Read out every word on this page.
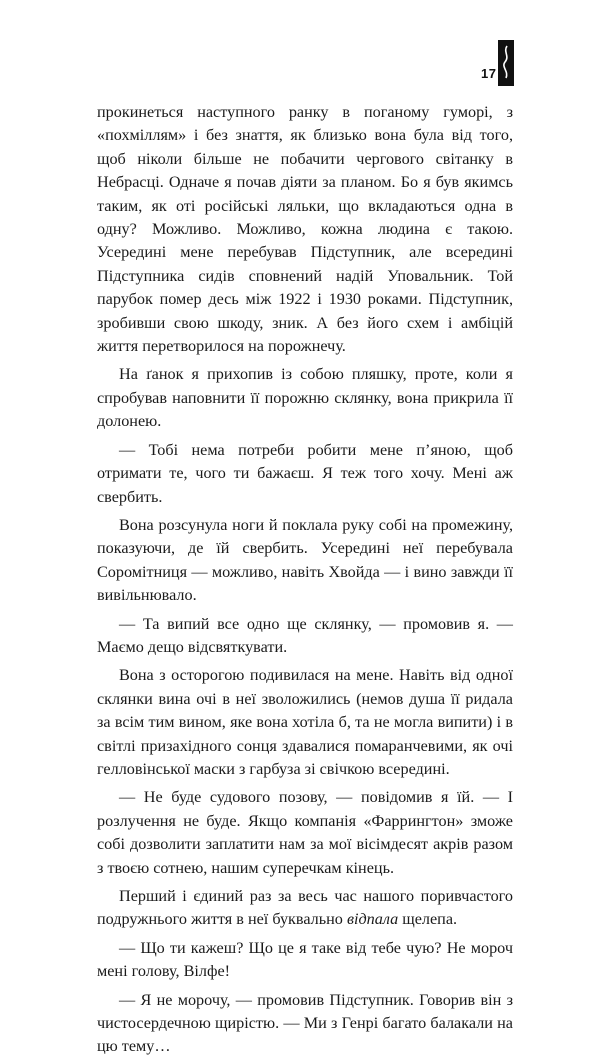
17

прокинеться наступного ранку в поганому гуморі, з «похміллям» і без знаття, як близько вона була від того, щоб ніколи більше не побачити чергового світанку в Небрасці. Одначе я почав діяти за планом. Бо я був якимсь таким, як оті російські ляльки, що вкладаються одна в одну? Можливо. Можливо, кожна людина є такою. Усередині мене перебував Підступник, але всередині Підступника сидів сповнений надій Уповальник. Той парубок помер десь між 1922 і 1930 роками. Підступник, зробивши свою шкоду, зник. А без його схем і амбіцій життя перетворилося на порожнечу.

На ґанок я прихопив із собою пляшку, проте, коли я спробував наповнити її порожню склянку, вона прикрила її долонею.

— Тобі нема потреби робити мене п’яною, щоб отримати те, чого ти бажаєш. Я теж того хочу. Мені аж свербить.

Вона розсунула ноги й поклала руку собі на промежину, показуючи, де їй свербить. Усередині неї перебувала Соромітниця — можливо, навіть Хвойда — і вино завжди її вивільнювало.

— Та випий все одно ще склянку, — промовив я. — Маємо дещо відсвяткувати.

Вона з осторогою подивилася на мене. Навіть від одної склянки вина очі в неї зволожились (немов душа її ридала за всім тим вином, яке вона хотіла б, та не могла випити) і в світлі призахідного сонця здавалися помаранчевими, як очі гелловінської маски з гарбуза зі свічкою всередині.

— Не буде судового позову, — повідомив я їй. — І розлучення не буде. Якщо компанія «Фаррингтон» зможе собі дозволити заплатити нам за мої вісімдесят акрів разом з твоєю сотнею, нашим суперечкам кінець.

Перший і єдиний раз за весь час нашого поривчастого подружнього життя в неї буквально відпала щелепа.

— Що ти кажеш? Що це я таке від тебе чую? Не мороч мені голову, Вілфе!

— Я не морочу, — промовив Підступник. Говорив він з чистосердечною щирістю. — Ми з Генрі багато балакали на цю тему…
